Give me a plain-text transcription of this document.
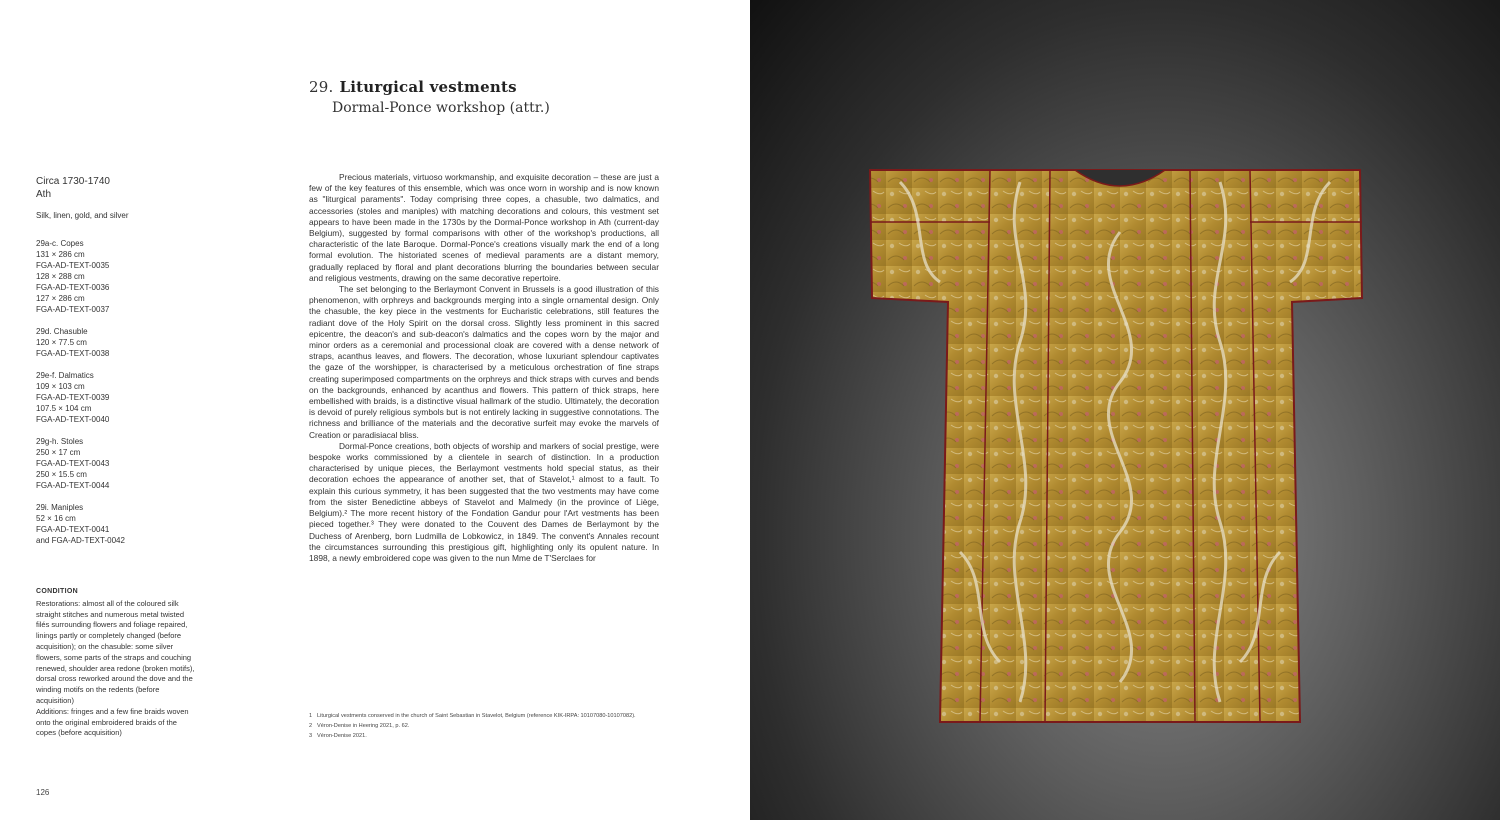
29. Liturgical vestments
Dormal-Ponce workshop (attr.)
Circa 1730-1740
Ath
Silk, linen, gold, and silver
29a-c. Copes
131 × 286 cm
FGA-AD-TEXT-0035
128 × 288 cm
FGA-AD-TEXT-0036
127 × 286 cm
FGA-AD-TEXT-0037
29d. Chasuble
120 × 77.5 cm
FGA-AD-TEXT-0038
29e-f. Dalmatics
109 × 103 cm
FGA-AD-TEXT-0039
107.5 × 104 cm
FGA-AD-TEXT-0040
29g-h. Stoles
250 × 17 cm
FGA-AD-TEXT-0043
250 × 15.5 cm
FGA-AD-TEXT-0044
29i. Maniples
52 × 16 cm
FGA-AD-TEXT-0041
and FGA-AD-TEXT-0042
CONDITION

Restorations: almost all of the coloured silk straight stitches and numerous metal twisted filés surrounding flowers and foliage repaired, linings partly or completely changed (before acquisition); on the chasuble: some silver flowers, some parts of the straps and couching renewed, shoulder area redone (broken motifs), dorsal cross reworked around the dove and the winding motifs on the redents (before acquisition)

Additions: fringes and a few fine braids woven onto the original embroidered braids of the copes (before acquisition)

Precious materials, virtuoso workmanship, and exquisite decoration – these are just a few of the key features of this ensemble, which was once worn in worship and is now known as "liturgical paraments". Today comprising three copes, a chasuble, two dalmatics, and accessories (stoles and maniples) with matching decorations and colours, this vestment set appears to have been made in the 1730s by the Dormal-Ponce workshop in Ath (current-day Belgium), suggested by formal comparisons with other of the workshop's productions, all characteristic of the late Baroque. Dormal-Ponce's creations visually mark the end of a long formal evolution. The historiated scenes of medieval paraments are a distant memory, gradually replaced by floral and plant decorations blurring the boundaries between secular and religious vestments, drawing on the same decorative repertoire.

The set belonging to the Berlaymont Convent in Brussels is a good illustration of this phenomenon, with orphreys and backgrounds merging into a single ornamental design. Only the chasuble, the key piece in the vestments for Eucharistic celebrations, still features the radiant dove of the Holy Spirit on the dorsal cross. Slightly less prominent in this sacred epicentre, the deacon's and sub-deacon's dalmatics and the copes worn by the major and minor orders as a ceremonial and processional cloak are covered with a dense network of straps, acanthus leaves, and flowers. The decoration, whose luxuriant splendour captivates the gaze of the worshipper, is characterised by a meticulous orchestration of fine straps creating superimposed compartments on the orphreys and thick straps with curves and bends on the backgrounds, enhanced by acanthus and flowers. This pattern of thick straps, here embellished with braids, is a distinctive visual hallmark of the studio. Ultimately, the decoration is devoid of purely religious symbols but is not entirely lacking in suggestive connotations. The richness and brilliance of the materials and the decorative surfeit may evoke the marvels of Creation or paradisiacal bliss.

Dormal-Ponce creations, both objects of worship and markers of social prestige, were bespoke works commissioned by a clientele in search of distinction. In a production characterised by unique pieces, the Berlaymont vestments hold special status, as their decoration echoes the appearance of another set, that of Stavelot,¹ almost to a fault. To explain this curious symmetry, it has been suggested that the two vestments may have come from the sister Benedictine abbeys of Stavelot and Malmedy (in the province of Liège, Belgium).² The more recent history of the Fondation Gandur pour l'Art vestments has been pieced together.³ They were donated to the Couvent des Dames de Berlaymont by the Duchess of Arenberg, born Ludmilla de Lobkowicz, in 1849. The convent's Annales recount the circumstances surrounding this prestigious gift, highlighting only its opulent nature. In 1898, a newly embroidered cope was given to the nun Mme de T'Serclaes for

1 Liturgical vestments conserved in the church of Saint Sebastian in Stavelot, Belgium (reference KIK-IRPA: 10107080-10107082).
2 Véron-Denise in Heering 2021, p. 62.
3 Véron-Denise 2021.
126
